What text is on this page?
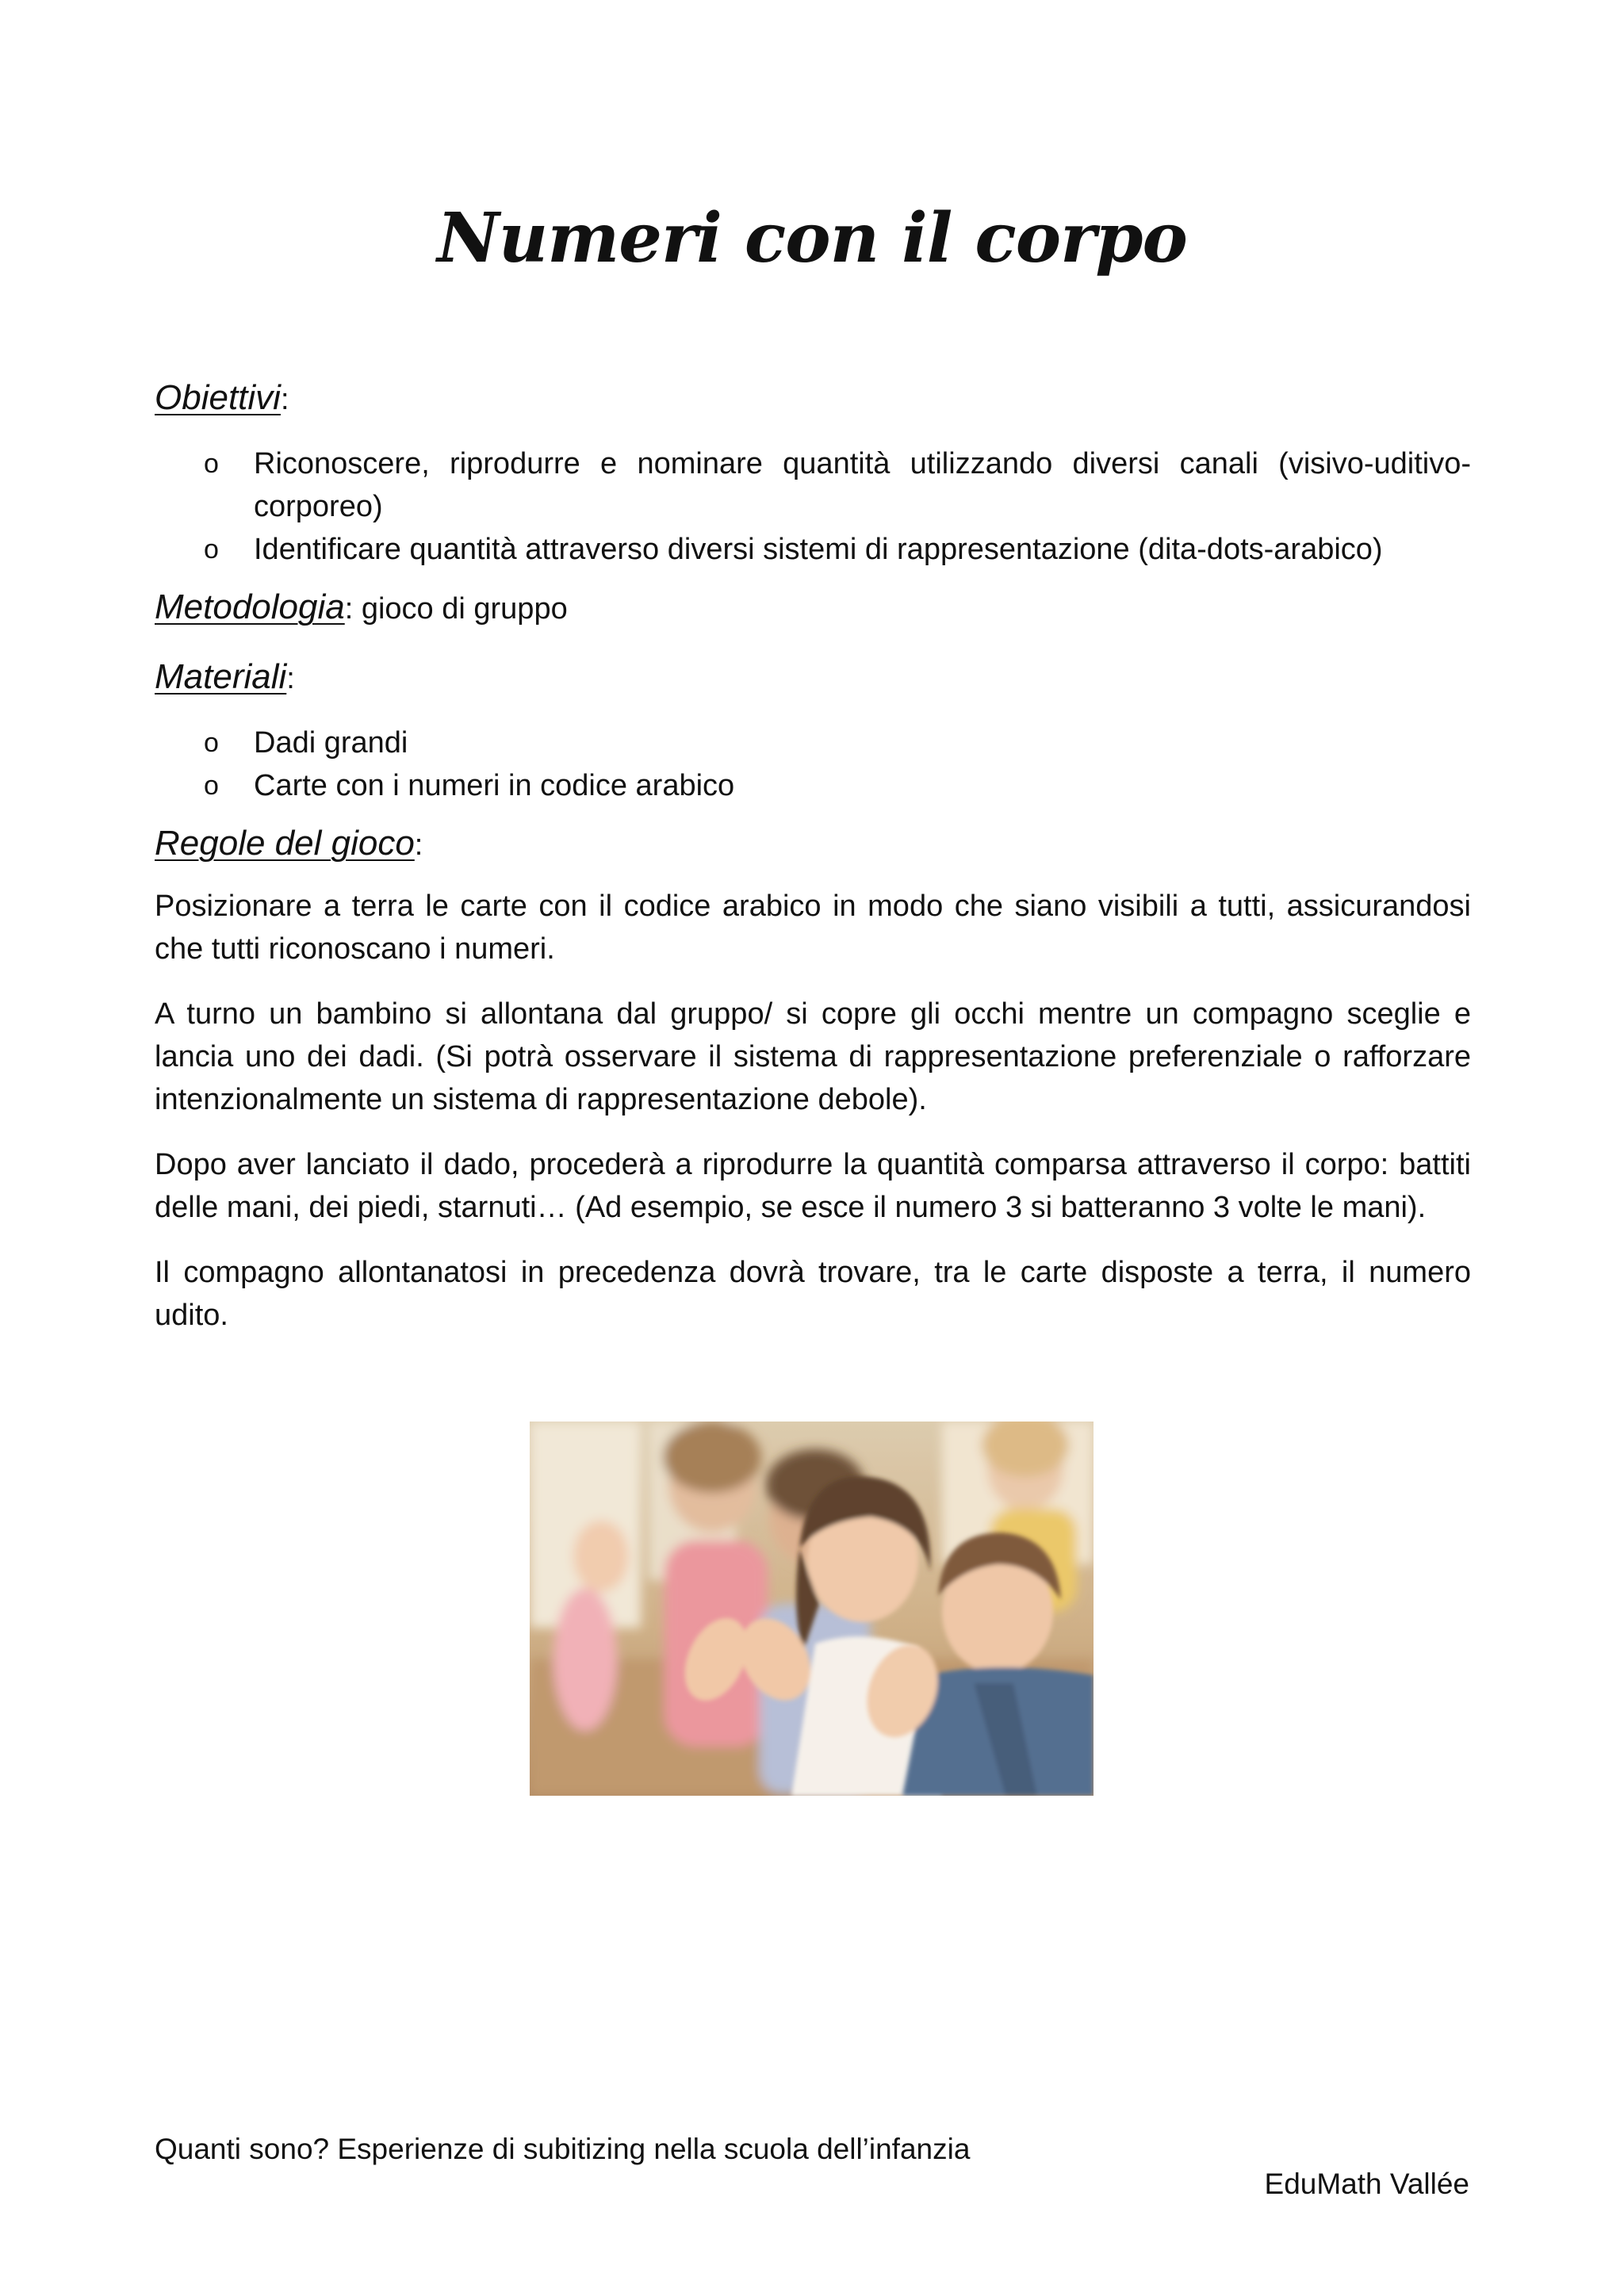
Numeri con il corpo

Obiettivi:

o Riconoscere, riprodurre e nominare quantità utilizzando diversi canali (visivo-uditivo-corporeo)
o Identificare quantità attraverso diversi sistemi di rappresentazione (dita-dots-arabico)

Metodologia: gioco di gruppo

Materiali:

o Dadi grandi
o Carte con i numeri in codice arabico

Regole del gioco:

Posizionare a terra le carte con il codice arabico in modo che siano visibili a tutti, assicurandosi che tutti riconoscano i numeri.

A turno un bambino si allontana dal gruppo/ si copre gli occhi mentre un compagno sceglie e lancia uno dei dadi. (Si potrà osservare il sistema di rappresentazione preferenziale o rafforzare intenzionalmente un sistema di rappresentazione debole).

Dopo aver lanciato il dado, procederà a riprodurre la quantità comparsa attraverso il corpo: battiti delle mani, dei piedi, starnuti… (Ad esempio, se esce il numero 3 si batteranno 3 volte le mani).

Il compagno allontanatosi in precedenza dovrà trovare, tra le carte disposte a terra, il numero udito.

Quanti sono? Esperienze di subitizing nella scuola dell’infanzia

EduMath Vallée
